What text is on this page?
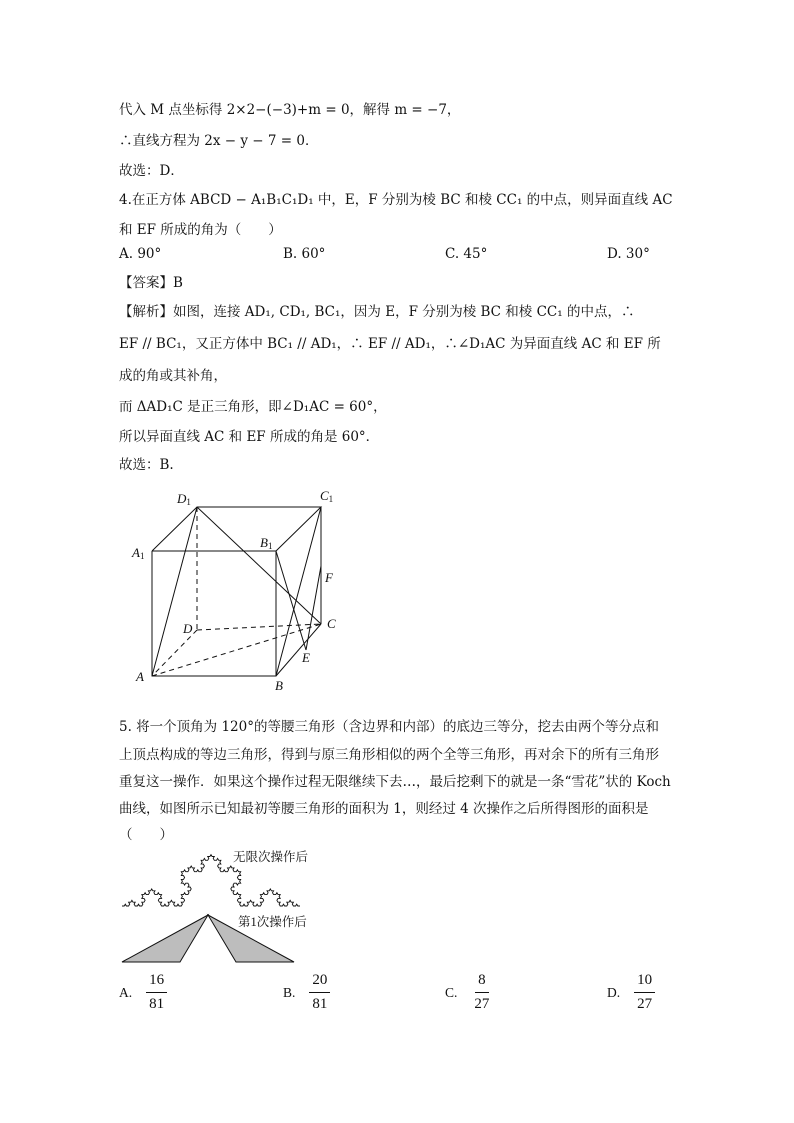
代入 M 点坐标得 2×2−(−3)+m = 0，解得 m = −7，
∴直线方程为 2x − y − 7 = 0．
故选：D．
4.在正方体 ABCD − A₁B₁C₁D₁ 中，E，F 分别为棱 BC 和棱 CC₁ 的中点，则异面直线 AC
和 EF 所成的角为（　　）
A. 90°	B. 60°	C. 45°	D. 30°
【答案】B
【解析】如图，连接 AD₁, CD₁, BC₁，因为 E，F 分别为棱 BC 和棱 CC₁ 的中点，∴
EF // BC₁，又正方体中 BC₁ // AD₁，∴ EF // AD₁，∴∠D₁AC 为异面直线 AC 和 EF 所
成的角或其补角，
而 ΔAD₁C 是正三角形，即∠D₁AC = 60°，
所以异面直线 AC 和 EF 所成的角是 60°．
故选：B.
D1	C1
A1
B1
F
D	C
E
A
B
5. 将一个顶角为 120°的等腰三角形（含边界和内部）的底边三等分，挖去由两个等分点和
上顶点构成的等边三角形，得到与原三角形相似的两个全等三角形，再对余下的所有三角形
重复这一操作．如果这个操作过程无限继续下去…，最后挖剩下的就是一条“雪花”状的 Koch
曲线，如图所示已知最初等腰三角形的面积为 1，则经过 4 次操作之后所得图形的面积是
（　　）
无限次操作后
第1次操作后
A. $\frac{16}{81}$	B. $\frac{20}{81}$	C. $\frac{8}{27}$	D. $\frac{10}{27}$
